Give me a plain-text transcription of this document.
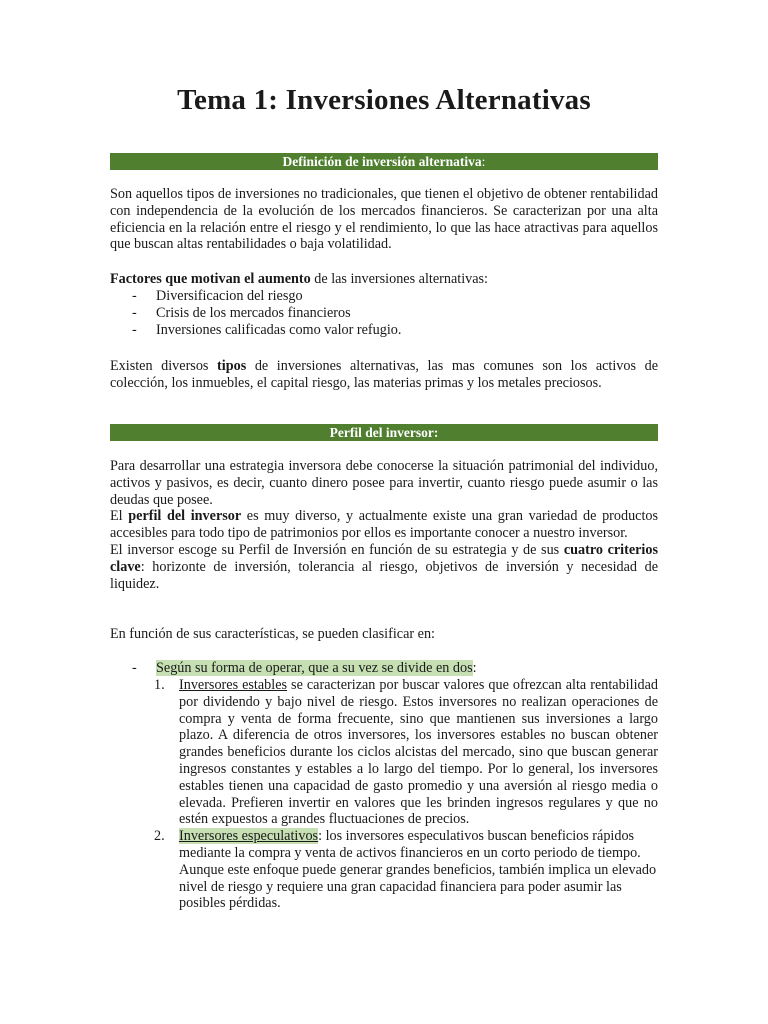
Tema 1: Inversiones Alternativas
Definición de inversión alternativa:

Son aquellos tipos de inversiones no tradicionales, que tienen el objetivo de obtener rentabilidad con independencia de la evolución de los mercados financieros. Se caracterizan por una alta eficiencia en la relación entre el riesgo y el rendimiento, lo que las hace atractivas para aquellos que buscan altas rentabilidades o baja volatilidad.

Factores que motivan el aumento de las inversiones alternativas:

- Diversificacion del riesgo
- Crisis de los mercados financieros
- Inversiones calificadas como valor refugio.

Existen diversos tipos de inversiones alternativas, las mas comunes son los activos de colección, los inmuebles, el capital riesgo, las materias primas y los metales preciosos.

Perfil del inversor:

Para desarrollar una estrategia inversora debe conocerse la situación patrimonial del individuo, activos y pasivos, es decir, cuanto dinero posee para invertir, cuanto riesgo puede asumir o las deudas que posee.

El perfil del inversor es muy diverso, y actualmente existe una gran variedad de productos accesibles para todo tipo de patrimonios por ellos es importante conocer a nuestro inversor.

El inversor escoge su Perfil de Inversión en función de su estrategia y de sus cuatro criterios clave: horizonte de inversión, tolerancia al riesgo, objetivos de inversión y necesidad de liquidez.

En función de sus características, se pueden clasificar en:

- Según su forma de operar, que a su vez se divide en dos:
1. Inversores estables se caracterizan por buscar valores que ofrezcan alta rentabilidad por dividendo y bajo nivel de riesgo. Estos inversores no realizan operaciones de compra y venta de forma frecuente, sino que mantienen sus inversiones a largo plazo. A diferencia de otros inversores, los inversores estables no buscan obtener grandes beneficios durante los ciclos alcistas del mercado, sino que buscan generar ingresos constantes y estables a lo largo del tiempo. Por lo general, los inversores estables tienen una capacidad de gasto promedio y una aversión al riesgo media o elevada. Prefieren invertir en valores que les brinden ingresos regulares y que no estén expuestos a grandes fluctuaciones de precios.
2. Inversores especulativos: los inversores especulativos buscan beneficios rápidos mediante la compra y venta de activos financieros en un corto periodo de tiempo. Aunque este enfoque puede generar grandes beneficios, también implica un elevado nivel de riesgo y requiere una gran capacidad financiera para poder asumir las posibles pérdidas.
